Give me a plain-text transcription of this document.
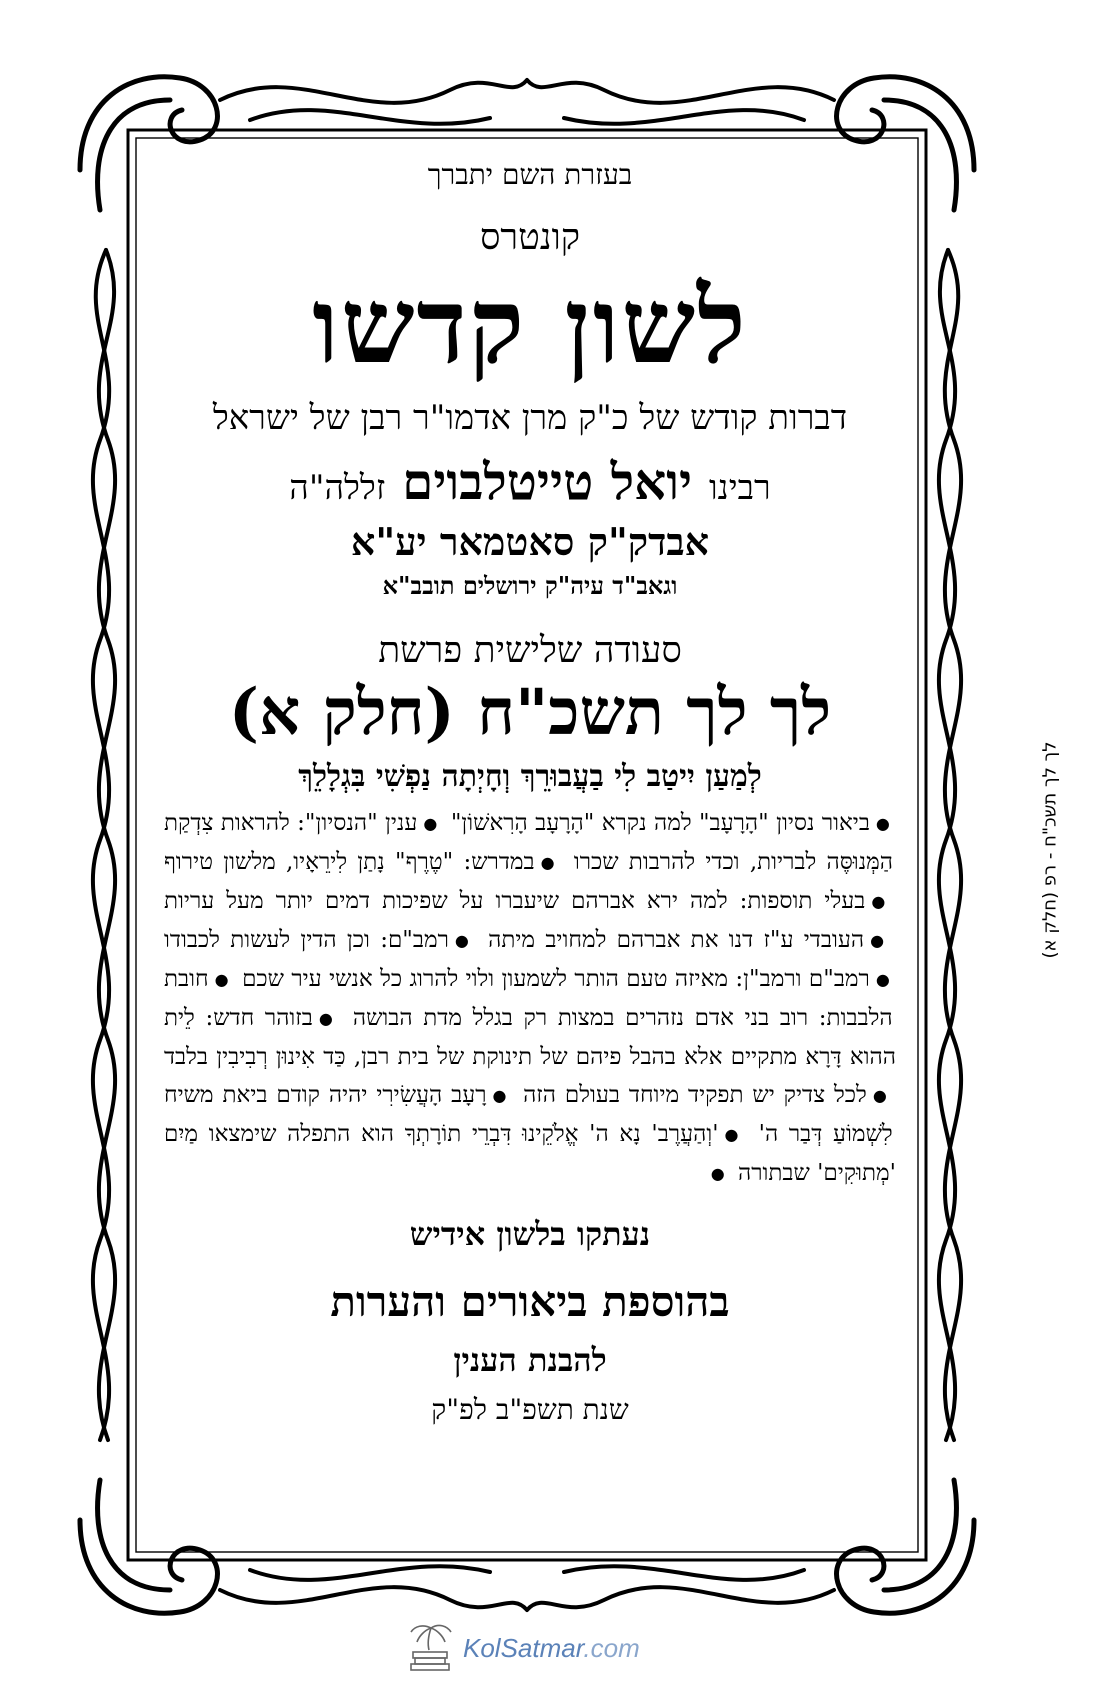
בעזרת השם יתברך
קונטרס
לשון קדשו
דברות קודש של כ"ק מרן אדמו"ר רבן של ישראל
רבינו יואל טייטלבוים זללה"ה
אבדק"ק סאטמאר יע"א
וגאב"ד עיה"ק ירושלים תובב"א
סעודה שלישית פרשת
לך לך תשכ"ח (חלק א)
לְמַעַן יִיטַב לִי בַעֲבוּרֵךְ וְחָיְתָה נַפְשִׁי בִּגְלָלֵךְ
●ביאור נסיון "הָרָעָב" למה נקרא "הָרָעָב הָרִאשׁוֹן" ●ענין "הנסיון": להראות צִדְקַת הַמְּנוּסֶּה לבריות, וכדי להרבות שכרו ●במדרש: "טֶרֶף" נָתַן לִירֵאָיו, מלשון טירוף ●בעלי תוספות: למה ירא אברהם שיעברו על שפיכות דמים יותר מעל עריות ●העובדי ע"ז דנו את אברהם למחויב מיתה ●רמב"ם: וכן הדין לעשות לכבודו ●רמב"ם ורמב"ן: מאיזה טעם הותר לשמעון ולוי להרוג כל אנשי עיר שכם ●חובת הלבבות: רוב בני אדם נזהרים במצות רק בגלל מדת הבושה ●בזוהר חדש: לֵית ההוא דָּרָא מתקיים אלא בהבל פיהם של תינוקת של בית רבן, כַּד אִינוּן רְבִיבִין בלבד ●לכל צדיק יש תפקיד מיוחד בעולם הזה ●רָעָב הָעֲשִׂירִי יהיה קודם ביאת משיח לִשְׁמוֹעַ דְּבַר ה' ●'וְהַעֲרֶב' נָא ה' אֱלֹקֵינוּ דִּבְרֵי תוֹרָתְךָ הוא התפלה שימצאו מַיִם 'מְתוּקִים' שבתורה ●
נעתקו בלשון אידיש
בהוספת ביאורים והערות
להבנת הענין
שנת תשפ"ב לפ"ק
לך לך תשכ"ח - רפ (חלק א)
KolSatmar.com
